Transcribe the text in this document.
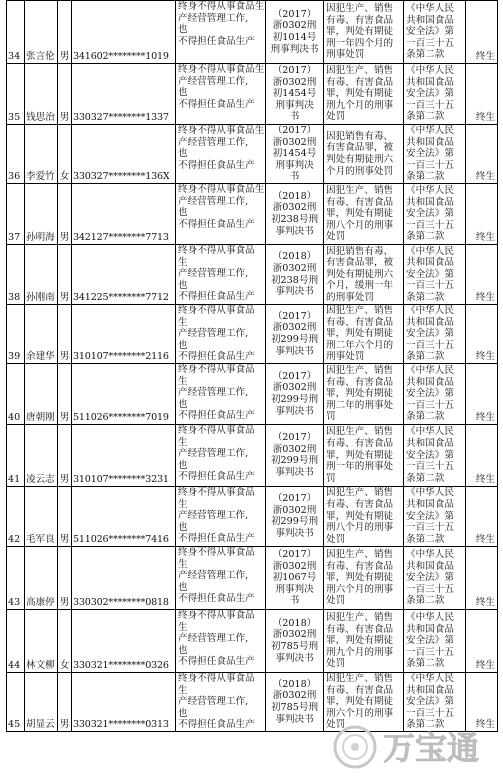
34	张言伦	男	341602********1019	终身不得从事食品生
产经营管理工作,
也
不得担任食品生产	（2017）
浙0302刑
初1014号
刑事判决书	因犯生产、销售
有毒、有害食品
罪，判处有期徒
刑一年四个月的
刑事处罚	《中华人民
共和国食品
安全法》第
一百三十五
条第二款	终生
35	钱思治	男	330327********1337	终身不得从事食品生
产经营管理工作,
也
不得担任食品生产	（2017）
浙0302刑
初1454号
刑事判决
书	因犯生产、销售
有毒、有害食品
罪，判处有期徒
刑九个月的刑事
处罚	《中华人民
共和国食品
安全法》第
一百三十五
条第二款	终生
36	李爱竹	女	330327********136X	终身不得从事食品生
产经营管理工作,
也
不得担任食品生产	（2017）
浙0302刑
初1454号
刑事判决
书	因犯销售有毒、
有害食品罪，被
判处有期徒刑六
个月的刑事处罚	《中华人民
共和国食品
安全法》第
一百三十五
条第二款	终生
37	孙明海	男	342127********7713	终身不得从事食品生
产经营管理工作,
也
不得担任食品生产	（2018）
浙0302刑
初238号刑
事判决书	因犯生产、销售
有毒、有害食品
罪，判处有期徒
刑八个月的刑事
处罚	《中华人民
共和国食品
安全法》第
一百三十五
条第二款	终生
38	孙刚南	男	341225********7712	终身不得从事食品
生
产经营管理工作,
也
不得担任食品生产	（2018）
浙0302刑
初238号刑
事判决书	因犯销售有毒、
有害食品罪，被
判处有期徒刑六
个月，缓刑一年
的刑事处罚	《中华人民
共和国食品
安全法》第
一百三十五
条第二款	终生
39	余建华	男	310107********2116	终身不得从事食品
生
产经营管理工作,
也
不得担任食品生产	（2017）
浙0302刑
初299号刑
事判决书	因犯生产、销售
有毒、有害食品
罪，判处有期徒
刑二年六个月的
刑事处罚	《中华人民
共和国食品
安全法》第
一百三十五
条第二款	终生
40	唐朝刚	男	511026********7019	终身不得从事食品
生
产经营管理工作,
也
不得担任食品生产	（2017）
浙0302刑
初299号刑
事判决书	因犯生产、销售
有毒、有害食品
罪，判处有期徒
刑二年的刑事处
罚	《中华人民
共和国食品
安全法》第
一百三十五
条第二款	终生
41	凌云志	男	310107********3231	终身不得从事食品
生
产经营管理工作,
也
不得担任食品生产	（2017）
浙0302刑
初299号刑
事判决书	因犯生产、销售
有毒、有害食品
罪，判处有期徒
刑一年的刑事处
罚	《中华人民
共和国食品
安全法》第
一百三十五
条第二款	终生
42	毛军良	男	511026********7416	终身不得从事食品
生
产经营管理工作,
也
不得担任食品生产	（2017）
浙0302刑
初299号刑
事判决书	因犯生产、销售
有毒、有害食品
罪，判处有期徒
刑八个月的刑事
处罚	《中华人民
共和国食品
安全法》第
一百三十五
条第二款	终生
43	高康停	男	330302********0818	终身不得从事食品
生
产经营管理工作,
也
不得担任食品生产	（2017）
浙0302刑
初1067号
刑事判决
书	因犯生产、销售
有毒、有害食品
罪，判处有期徒
刑六个月的刑事
处罚	《中华人民
共和国食品
安全法》第
一百三十五
条第二款	终生
44	林文柳	女	330321********0326	终身不得从事食品
生
产经营管理工作,
也
不得担任食品生产	（2018）
浙0302刑
初785号刑
事判决书	因犯生产、销售
有毒、有害食品
罪，判处有期徒
刑九个月的刑事
处罚	《中华人民
共和国食品
安全法》第
一百三十五
条第二款	终生
45	胡显云	男	330321********0313	终身不得从事食品
生
产经营管理工作,
也
不得担任食品生产	（2018）
浙0302刑
初785号刑
事判决书	因犯生产、销售
有毒、有害食品
罪，判处有期徒
刑六个月的刑事
处罚	《中华人民
共和国食品
安全法》第
一百三十五
条第二款	终生
万宝通
